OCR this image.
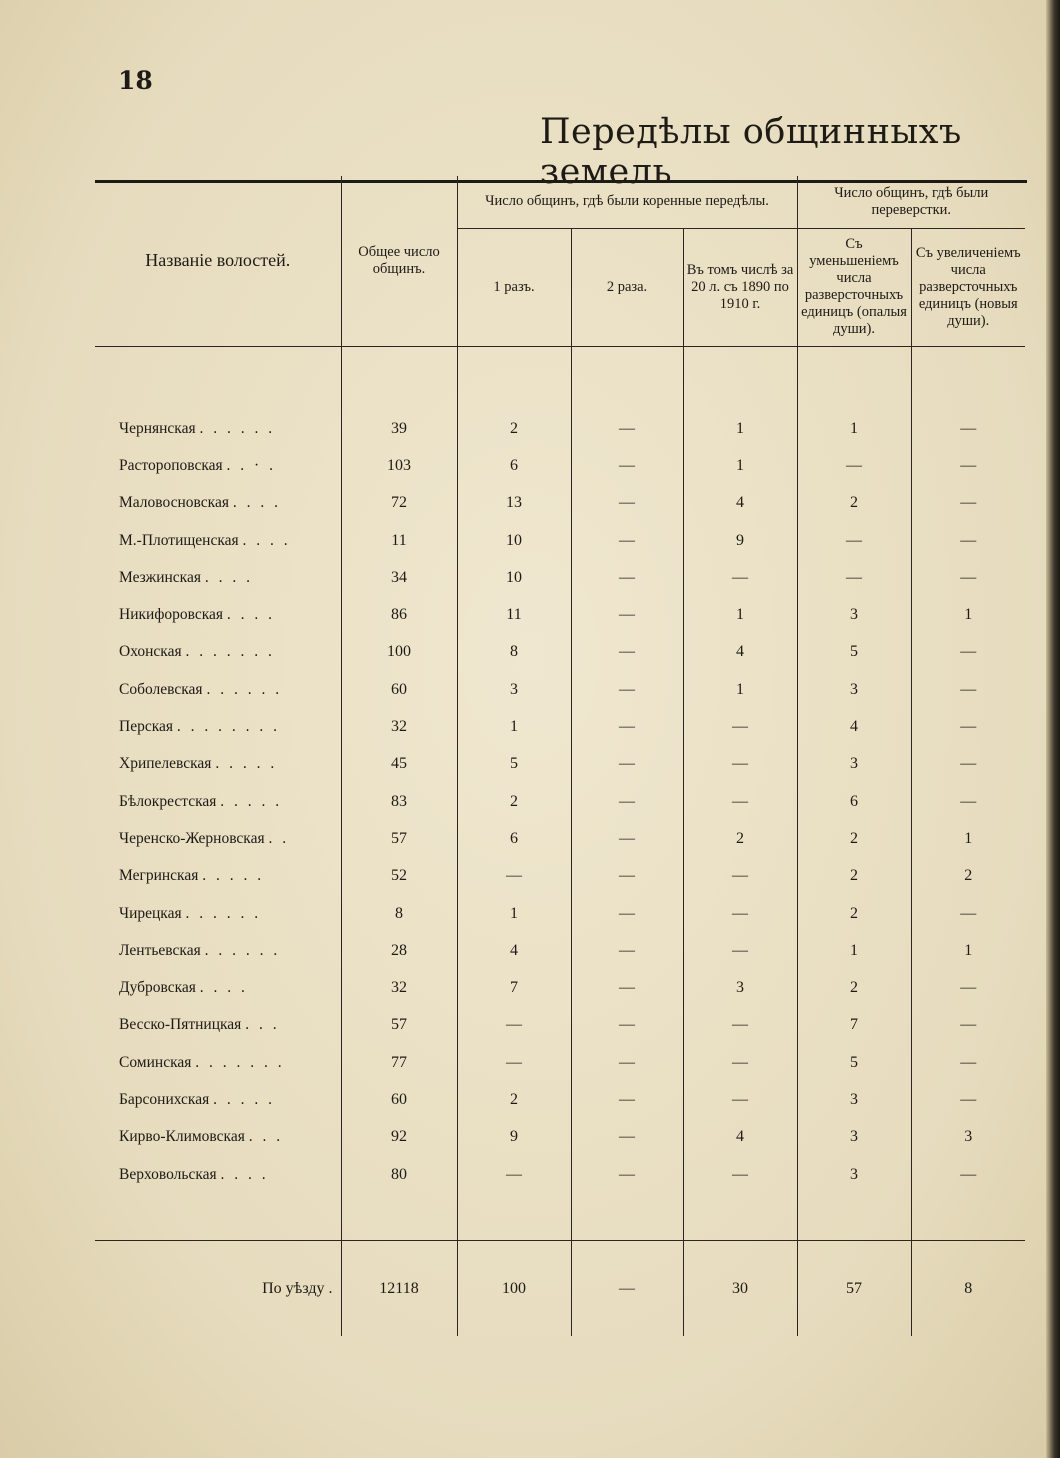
18
Передѣлы общинныхъ земель
Названіе волостей.	Общее число общинъ.	Число общинъ, гдѣ были коренные передѣлы.			Число общинъ, гдѣ были переверстки.	
		1 разъ.	2 раза.	Въ томъ числѣ за 20 л. съ 1890 по 1910 г.	Съ уменьшеніемъ числа разверсточныхъ единицъ (опалыя души).	Съ увеличеніемъ числа разверсточныхъ единицъ (новыя души).

Чернянская . . . . . .	39	2	—	1	1	—
Растороповская . . · .	103	6	—	1	—	—
Маловосновская . . . .	72	13	—	4	2	—
М.-Плотищенская . . . .	11	10	—	9	—	—
Мезжинская . . . .	34	10	—	—	—	—
Никифоровская . . . .	86	11	—	1	3	1
Охонская . . . . . . .	100	8	—	4	5	—
Соболевская . . . . . .	60	3	—	1	3	—
Перская . . . . . . . .	32	1	—	—	4	—
Хрипелевская . . . . .	45	5	—	—	3	—
Бѣлокрестская . . . . .	83	2	—	—	6	—
Черенско-Жерновская . .	57	6	—	2	2	1
Мегринская . . . . .	52	—	—	—	2	2
Чирецкая . . . . . .	8	1	—	—	2	—
Лентьевская . . . . . .	28	4	—	—	1	1
Дубровская . . . .	32	7	—	3	2	—
Весско-Пятницкая . . .	57	—	—	—	7	—
Соминская . . . . . . .	77	—	—	—	5	—
Барсонихская . . . . .	60	2	—	—	3	—
Кирво-Климовская . . .	92	9	—	4	3	3
Верховольская . . . .	80	—	—	—	3	—

По уѣзду .	12118	100	—	30	57	8
